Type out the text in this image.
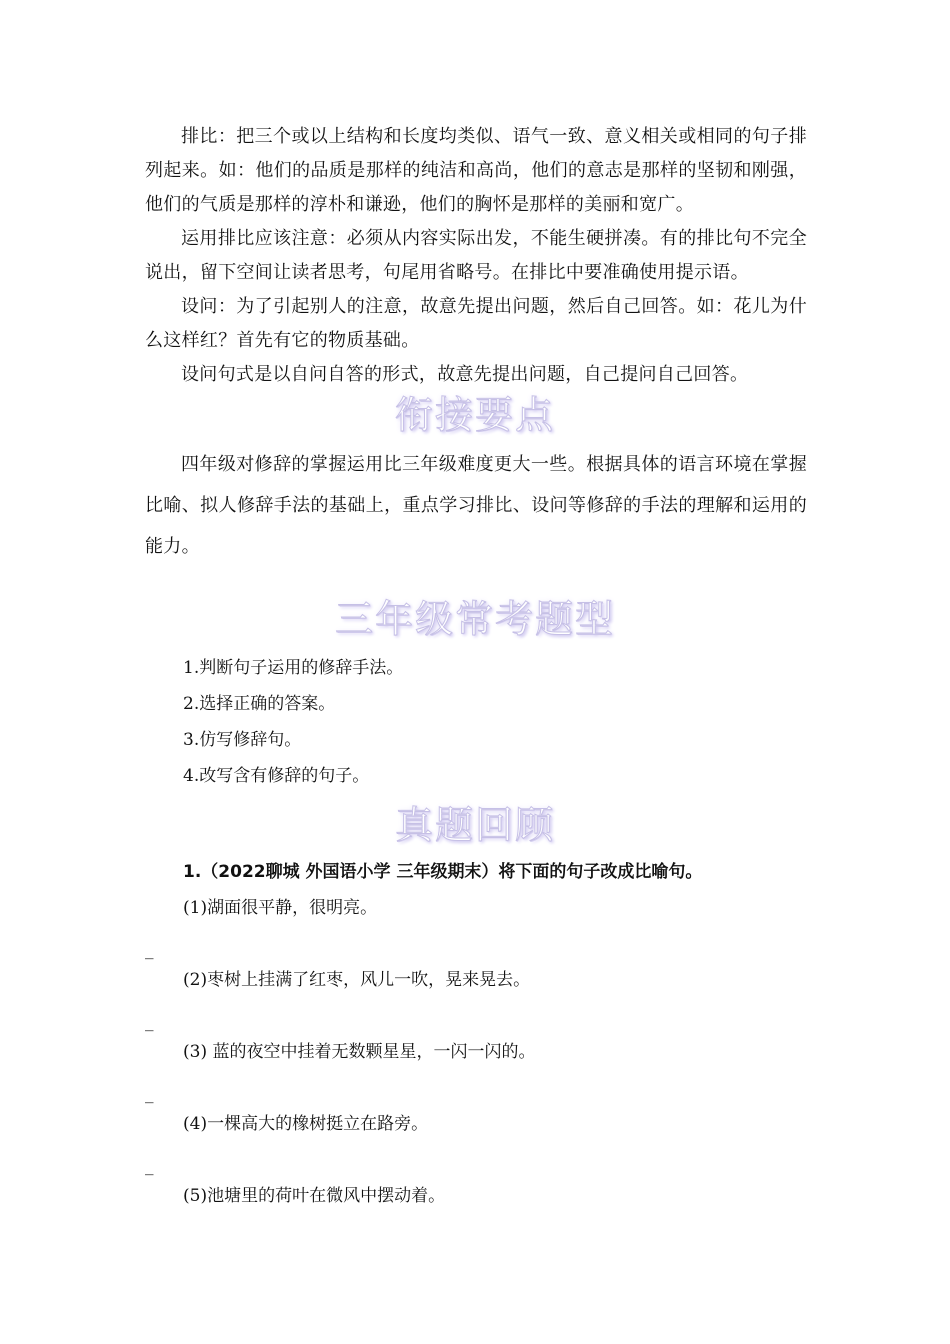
排比：把三个或以上结构和长度均类似、语气一致、意义相关或相同的句子排列起来。如：他们的品质是那样的纯洁和高尚，他们的意志是那样的坚韧和刚强，他们的气质是那样的淳朴和谦逊，他们的胸怀是那样的美丽和宽广。

运用排比应该注意：必须从内容实际出发，不能生硬拼凑。有的排比句不完全说出，留下空间让读者思考，句尾用省略号。在排比中要准确使用提示语。

设问：为了引起别人的注意，故意先提出问题，然后自己回答。如：花儿为什么这样红？首先有它的物质基础。

设问句式是以自问自答的形式，故意先提出问题，自己提问自己回答。

衔接要点

四年级对修辞的掌握运用比三年级难度更大一些。根据具体的语言环境在掌握比喻、拟人修辞手法的基础上，重点学习排比、设问等修辞的手法的理解和运用的能力。

三年级常考题型
1.判断句子运用的修辞手法。
2.选择正确的答案。
3.仿写修辞句。
4.改写含有修辞的句子。
真题回顾
1.（2022聊城 外国语小学 三年级期末）将下面的句子改成比喻句。
(1)湖面很平静，很明亮。
_
(2)枣树上挂满了红枣，风儿一吹，晃来晃去。
_
(3) 蓝的夜空中挂着无数颗星星，一闪一闪的。
_
(4)一棵高大的橡树挺立在路旁。
_
(5)池塘里的荷叶在微风中摆动着。
